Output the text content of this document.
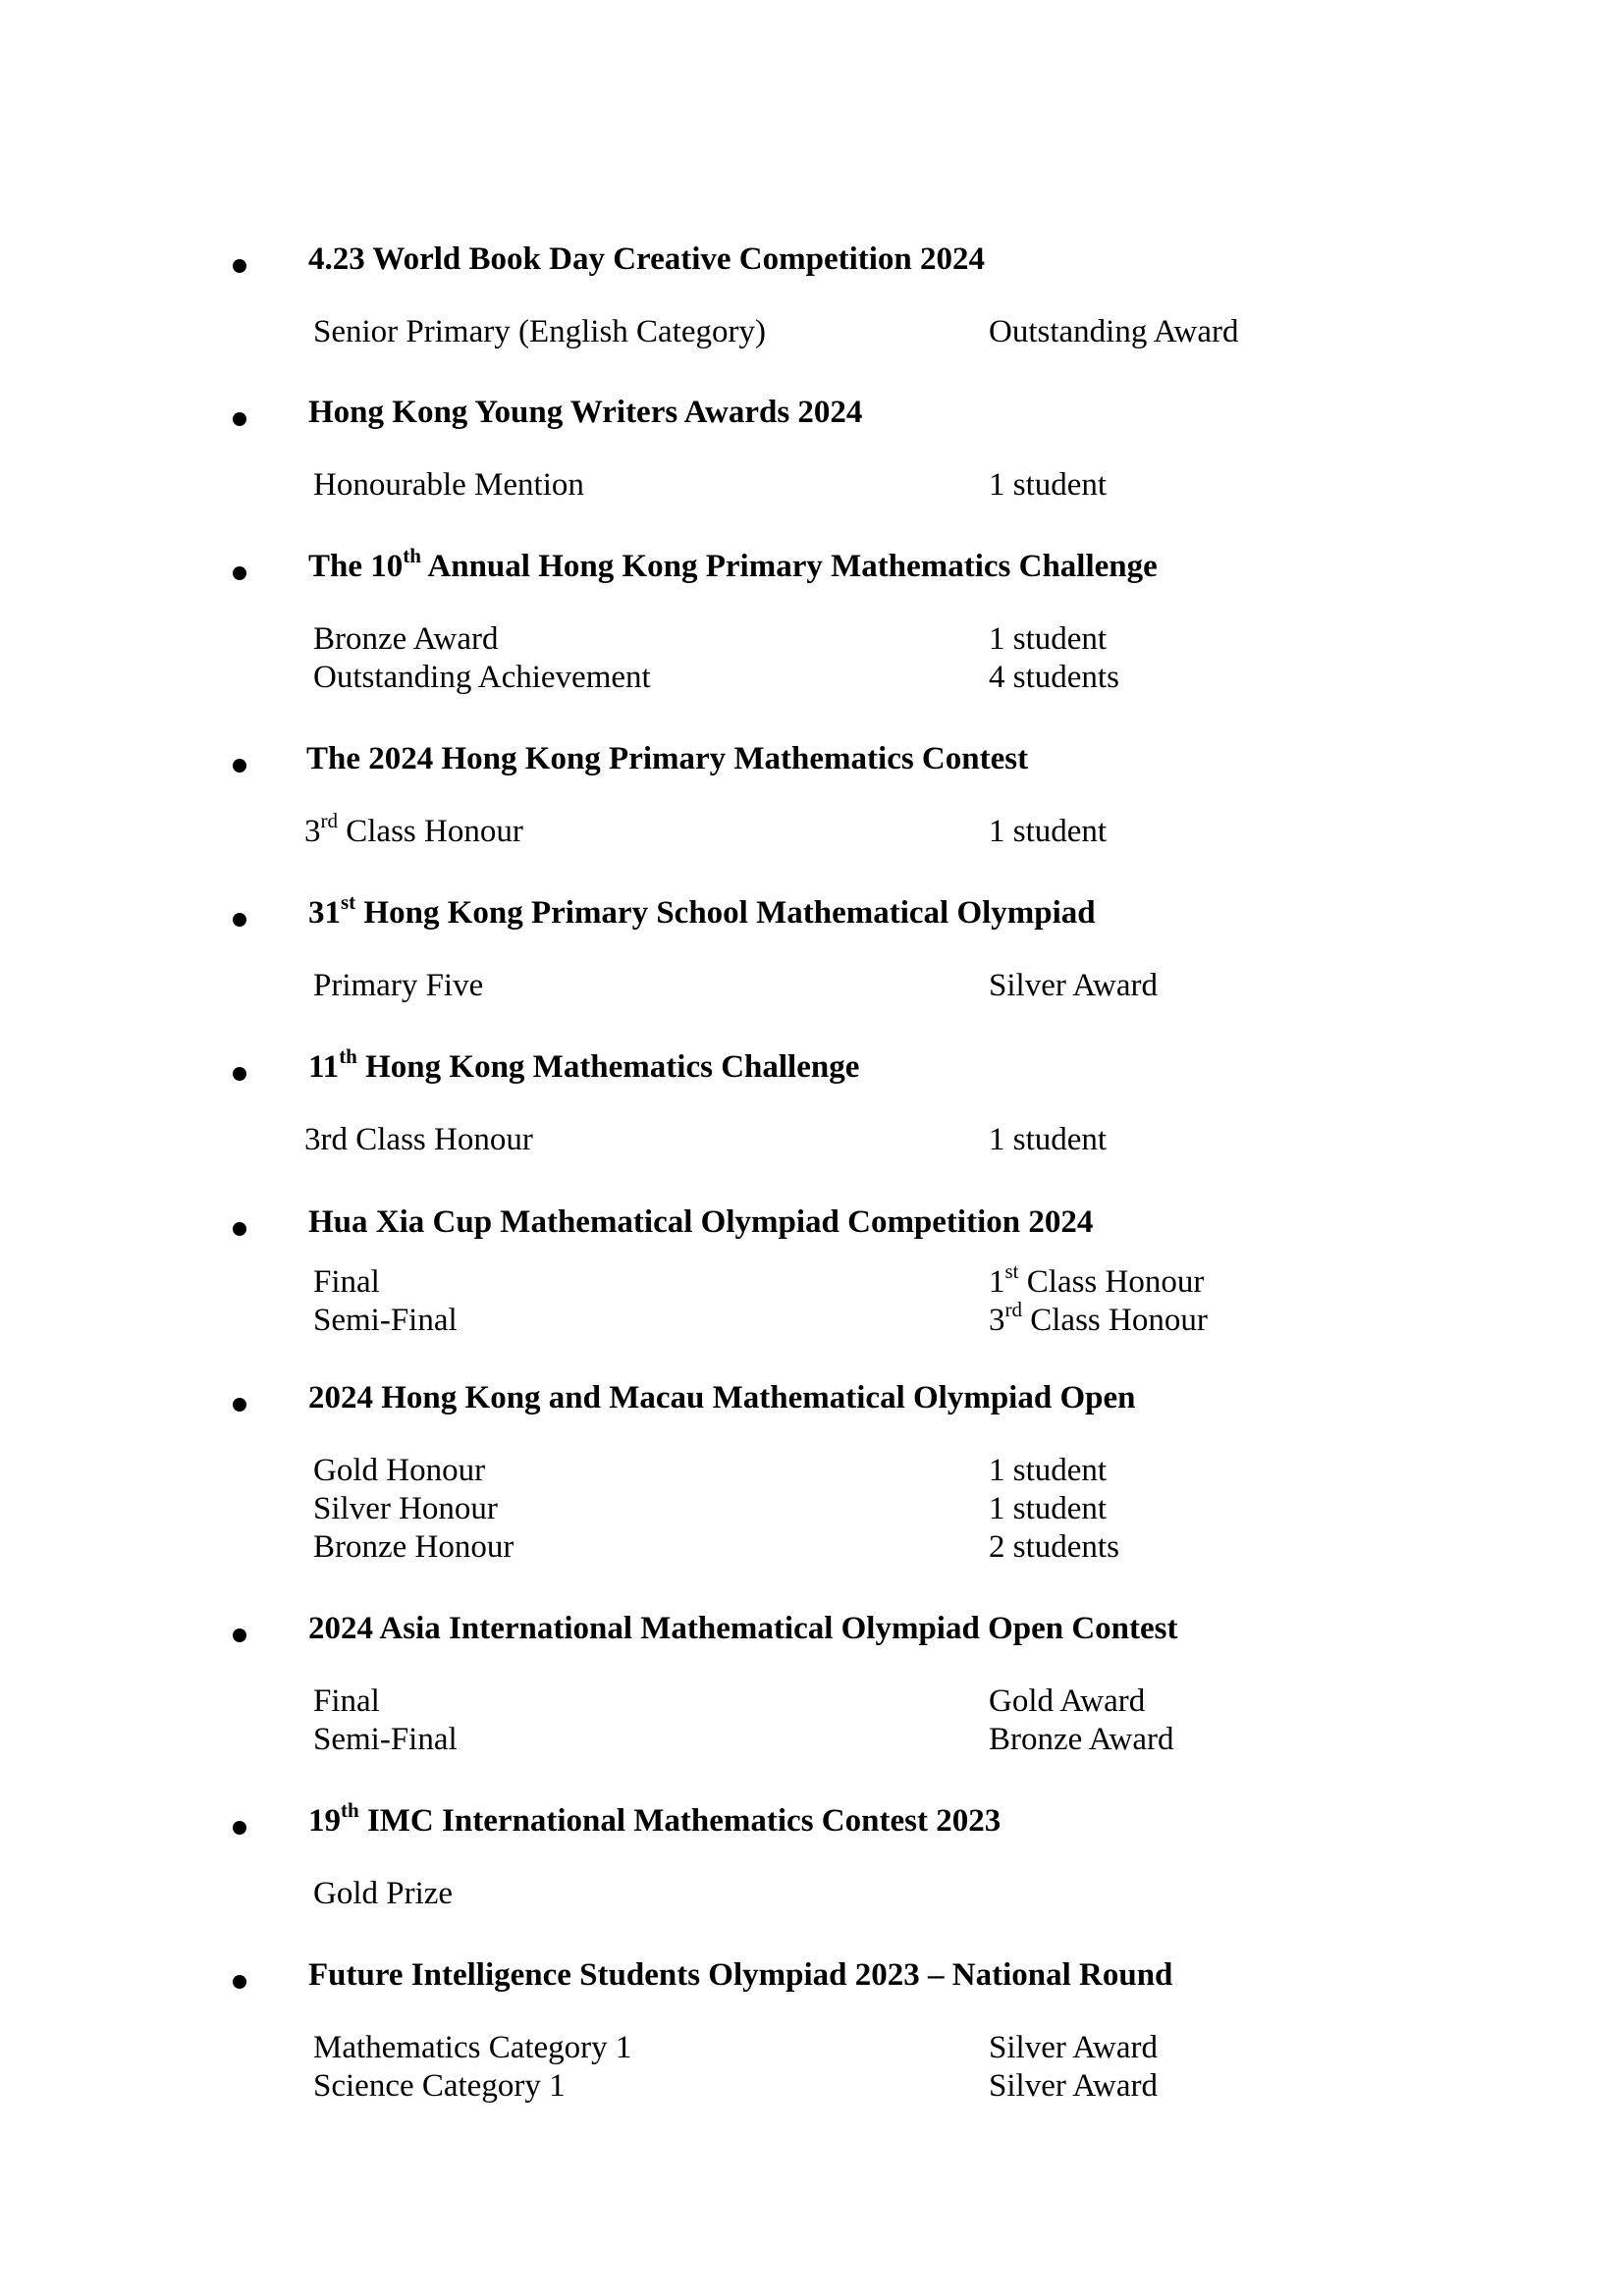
4.23 World Book Day Creative Competition 2024
Senior Primary (English Category)	Outstanding Award
Hong Kong Young Writers Awards 2024
Honourable Mention	1 student
The 10th Annual Hong Kong Primary Mathematics Challenge
Bronze Award	1 student
Outstanding Achievement	4 students
The 2024 Hong Kong Primary Mathematics Contest
3rd Class Honour	1 student
31st Hong Kong Primary School Mathematical Olympiad
Primary Five	Silver Award
11th Hong Kong Mathematics Challenge
3rd Class Honour	1 student
Hua Xia Cup Mathematical Olympiad Competition 2024
Final	1st Class Honour
Semi-Final	3rd Class Honour
2024 Hong Kong and Macau Mathematical Olympiad Open
Gold Honour	1 student
Silver Honour	1 student
Bronze Honour	2 students
2024 Asia International Mathematical Olympiad Open Contest
Final	Gold Award
Semi-Final	Bronze Award
19th IMC International Mathematics Contest 2023
Gold Prize
Future Intelligence Students Olympiad 2023 – National Round
Mathematics Category 1	Silver Award
Science Category 1	Silver Award
